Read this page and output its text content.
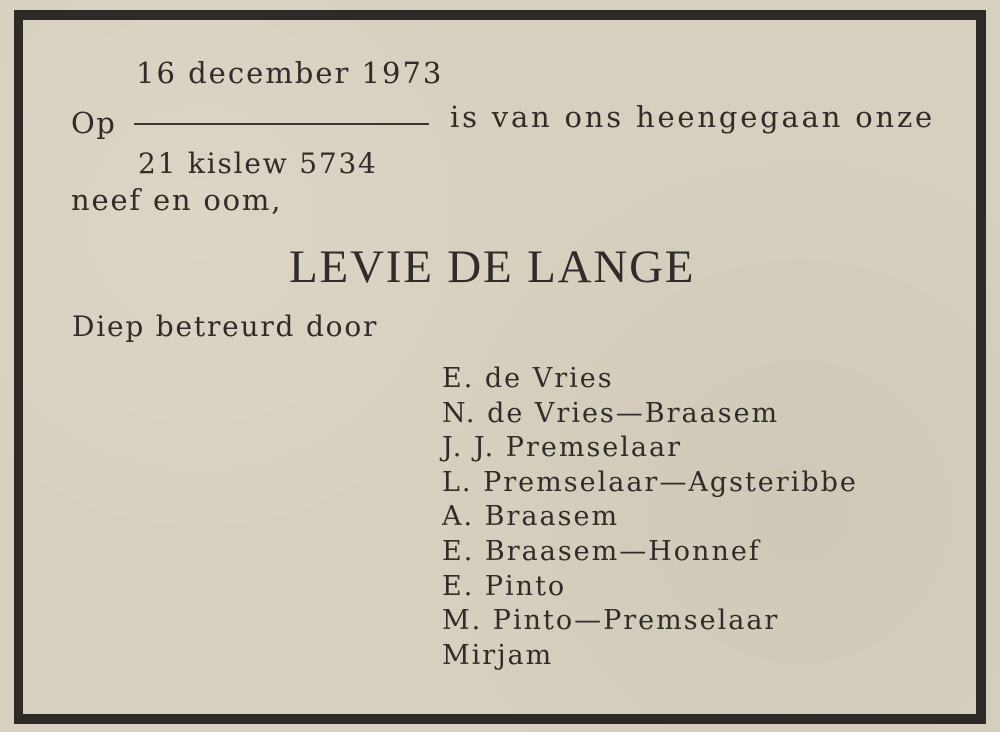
16 december 1973
Op	is van ons heengegaan onze
21 kislew 5734
neef en oom,
LEVIE DE LANGE
Diep betreurd door
E. de Vries
N. de Vries—Braasem
J. J. Premselaar
L. Premselaar—Agsteribbe
A. Braasem
E. Braasem—Honnef
E. Pinto
M. Pinto—Premselaar
Mirjam
